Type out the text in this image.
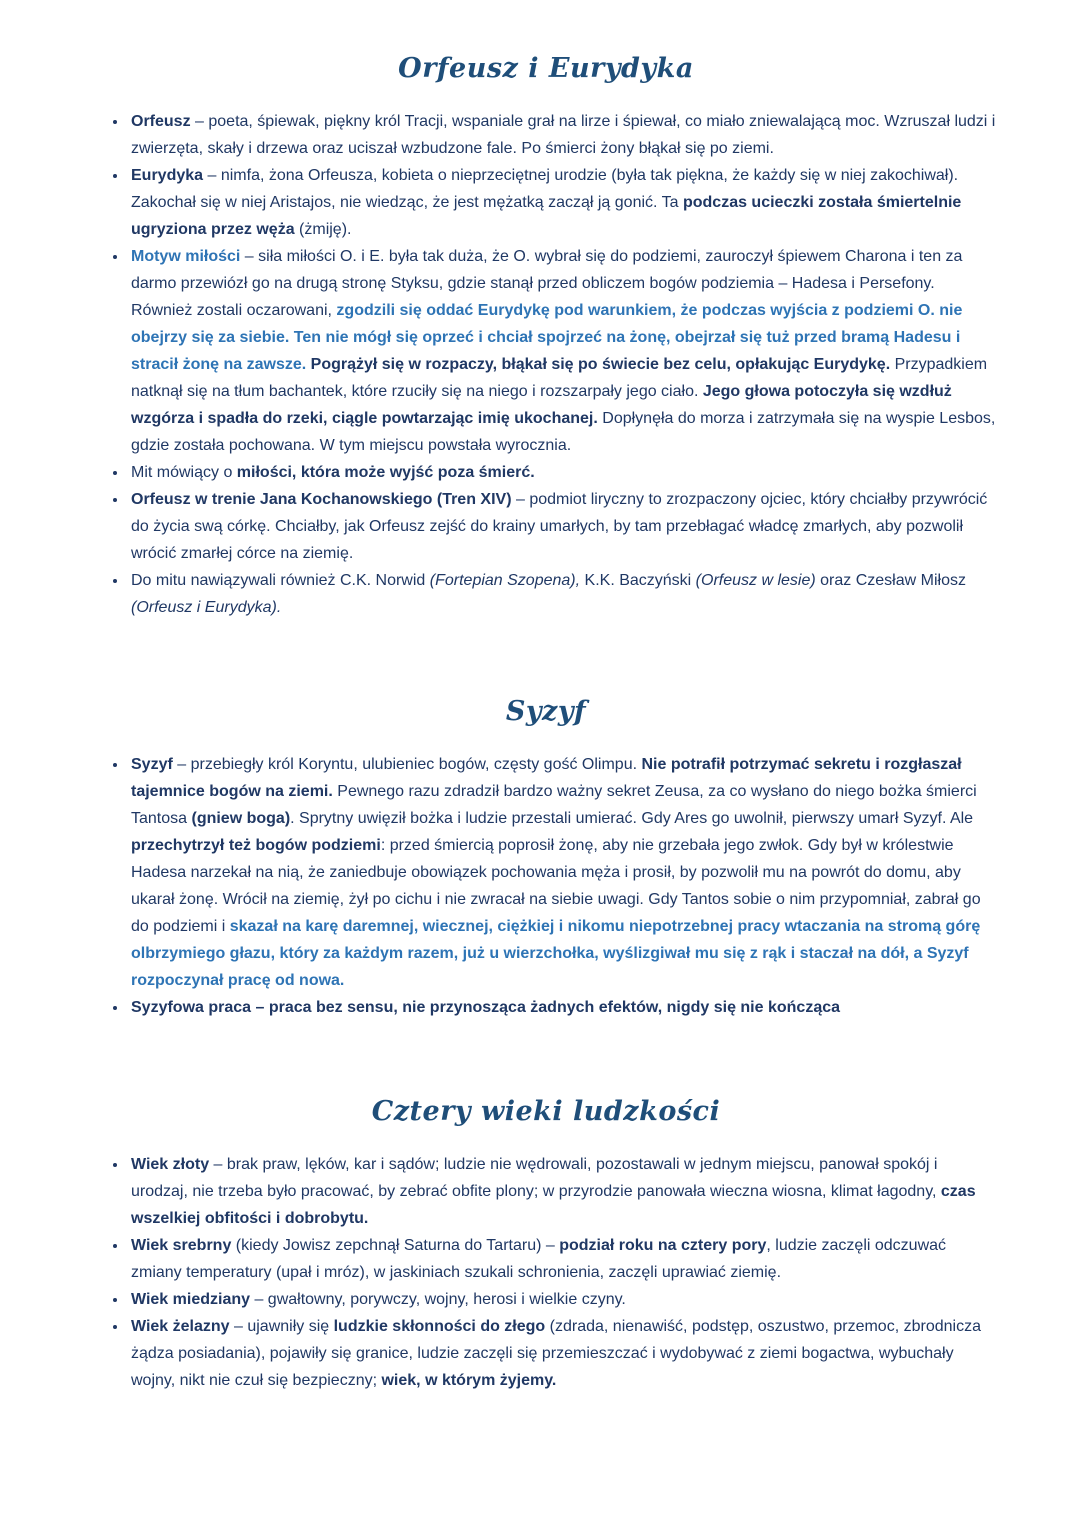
Orfeusz i Eurydyka
• Orfeusz – poeta, śpiewak, piękny król Tracji, wspaniale grał na lirze i śpiewał, co miało zniewalającą moc. Wzruszał ludzi i zwierzęta, skały i drzewa oraz uciszał wzbudzone fale. Po śmierci żony błąkał się po ziemi.
• Eurydyka – nimfa, żona Orfeusza, kobieta o nieprzeciętnej urodzie (była tak piękna, że każdy się w niej zakochiwał). Zakochał się w niej Aristajos, nie wiedząc, że jest mężatką zaczął ją gonić. Ta podczas ucieczki została śmiertelnie ugryziona przez węża (żmiję).
• Motyw miłości – siła miłości O. i E. była tak duża, że O. wybrał się do podziemi, zauroczył śpiewem Charona i ten za darmo przewiózł go na drugą stronę Styksu, gdzie stanął przed obliczem bogów podziemia – Hadesa i Persefony. Również zostali oczarowani, zgodzili się oddać Eurydykę pod warunkiem, że podczas wyjścia z podziemi O. nie obejrzy się za siebie. Ten nie mógł się oprzeć i chciał spojrzeć na żonę, obejrzał się tuż przed bramą Hadesu i stracił żonę na zawsze. Pogrążył się w rozpaczy, błąkał się po świecie bez celu, opłakując Eurydykę. Przypadkiem natknął się na tłum bachantek, które rzuciły się na niego i rozszarpały jego ciało. Jego głowa potoczyła się wzdłuż wzgórza i spadła do rzeki, ciągle powtarzając imię ukochanej. Dopłynęła do morza i zatrzymała się na wyspie Lesbos, gdzie została pochowana. W tym miejscu powstała wyrocznia.
• Mit mówiący o miłości, która może wyjść poza śmierć.
• Orfeusz w trenie Jana Kochanowskiego (Tren XIV) – podmiot liryczny to zrozpaczony ojciec, który chciałby przywrócić do życia swą córkę. Chciałby, jak Orfeusz zejść do krainy umarłych, by tam przebłagać władcę zmarłych, aby pozwolił wrócić zmarłej córce na ziemię.
• Do mitu nawiązywali również C.K. Norwid (Fortepian Szopena), K.K. Baczyński (Orfeusz w lesie) oraz Czesław Miłosz (Orfeusz i Eurydyka).
Syzyf
• Syzyf – przebiegły król Koryntu, ulubieniec bogów, częsty gość Olimpu. Nie potrafił potrzymać sekretu i rozgłaszał tajemnice bogów na ziemi. Pewnego razu zdradził bardzo ważny sekret Zeusa, za co wysłano do niego bożka śmierci Tantosa (gniew boga). Sprytny uwięził bożka i ludzie przestali umierać. Gdy Ares go uwolnił, pierwszy umarł Syzyf. Ale przechytrzył też bogów podziemi: przed śmiercią poprosił żonę, aby nie grzebała jego zwłok. Gdy był w królestwie Hadesa narzekał na nią, że zaniedbuje obowiązek pochowania męża i prosił, by pozwolił mu na powrót do domu, aby ukarał żonę. Wrócił na ziemię, żył po cichu i nie zwracał na siebie uwagi. Gdy Tantos sobie o nim przypomniał, zabrał go do podziemi i skazał na karę daremnej, wiecznej, ciężkiej i nikomu niepotrzebnej pracy wtaczania na stromą górę olbrzymiego głazu, który za każdym razem, już u wierzchołka, wyślizgiwał mu się z rąk i staczał na dół, a Syzyf rozpoczynał pracę od nowa.
• Syzyfowa praca – praca bez sensu, nie przynosząca żadnych efektów, nigdy się nie kończąca
Cztery wieki ludzkości
• Wiek złoty – brak praw, lęków, kar i sądów; ludzie nie wędrowali, pozostawali w jednym miejscu, panował spokój i urodzaj, nie trzeba było pracować, by zebrać obfite plony; w przyrodzie panowała wieczna wiosna, klimat łagodny, czas wszelkiej obfitości i dobrobytu.
• Wiek srebrny (kiedy Jowisz zepchnął Saturna do Tartaru) – podział roku na cztery pory, ludzie zaczęli odczuwać zmiany temperatury (upał i mróz), w jaskiniach szukali schronienia, zaczęli uprawiać ziemię.
• Wiek miedziany – gwałtowny, porywczy, wojny, herosi i wielkie czyny.
• Wiek żelazny – ujawniły się ludzkie skłonności do złego (zdrada, nienawiść, podstęp, oszustwo, przemoc, zbrodnicza żądza posiadania), pojawiły się granice, ludzie zaczęli się przemieszczać i wydobywać z ziemi bogactwa, wybuchały wojny, nikt nie czuł się bezpieczny; wiek, w którym żyjemy.
